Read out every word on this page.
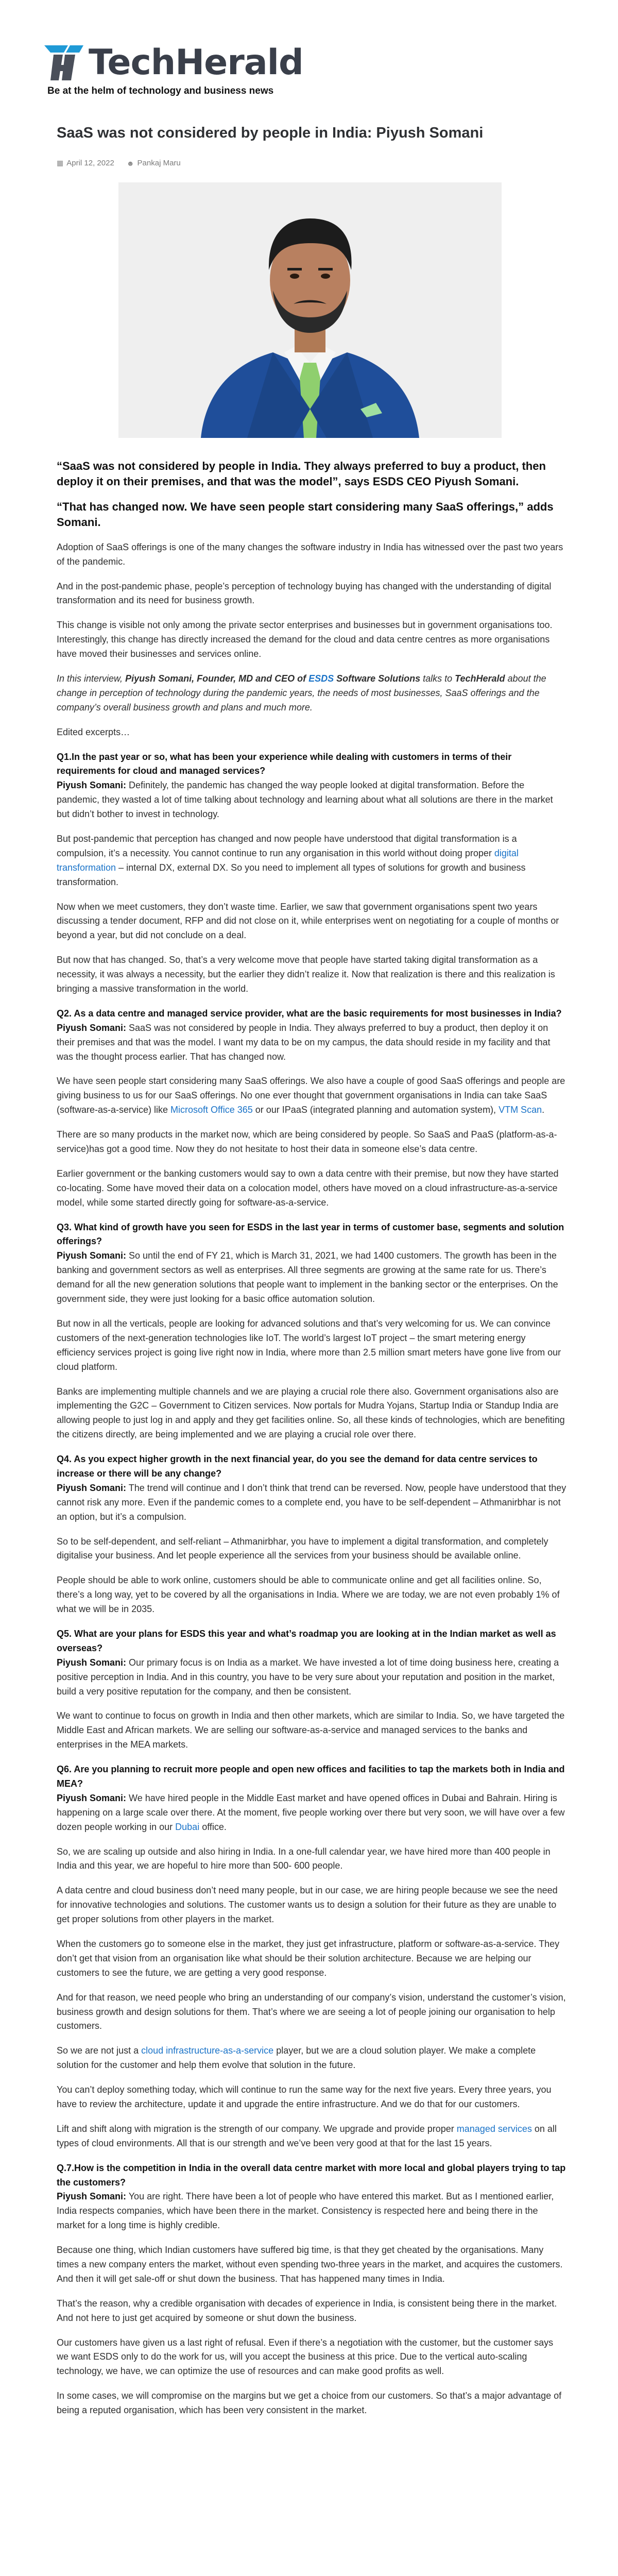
TechHerald
Be at the helm of technology and business news
SaaS was not considered by people in India: Piyush Somani
▦ April 12, 2022 ☻ Pankaj Maru

“SaaS was not considered by people in India. They always preferred to buy a product, then deploy it on their premises, and that was the model”, says ESDS CEO Piyush Somani.

“That has changed now. We have seen people start considering many SaaS offerings,” adds Somani.

Adoption of SaaS offerings is one of the many changes the software industry in India has witnessed over the past two years of the pandemic.

And in the post-pandemic phase, people’s perception of technology buying has changed with the understanding of digital transformation and its need for business growth.

This change is visible not only among the private sector enterprises and businesses but in government organisations too. Interestingly, this change has directly increased the demand for the cloud and data centre centres as more organisations have moved their businesses and services online.

In this interview, Piyush Somani, Founder, MD and CEO of ESDS Software Solutions talks to TechHerald about the change in perception of technology during the pandemic years, the needs of most businesses, SaaS offerings and the company’s overall business growth and plans and much more.

Edited excerpts…

Q1.In the past year or so, what has been your experience while dealing with customers in terms of their requirements for cloud and managed services?
Piyush Somani: Definitely, the pandemic has changed the way people looked at digital transformation. Before the pandemic, they wasted a lot of time talking about technology and learning about what all solutions are there in the market but didn’t bother to invest in technology.

But post-pandemic that perception has changed and now people have understood that digital transformation is a compulsion, it’s a necessity. You cannot continue to run any organisation in this world without doing proper digital transformation – internal DX, external DX. So you need to implement all types of solutions for growth and business transformation.

Now when we meet customers, they don’t waste time. Earlier, we saw that government organisations spent two years discussing a tender document, RFP and did not close on it, while enterprises went on negotiating for a couple of months or beyond a year, but did not conclude on a deal.

But now that has changed. So, that’s a very welcome move that people have started taking digital transformation as a necessity, it was always a necessity, but the earlier they didn’t realize it. Now that realization is there and this realization is bringing a massive transformation in the world.

Q2. As a data centre and managed service provider, what are the basic requirements for most businesses in India?
Piyush Somani: SaaS was not considered by people in India. They always preferred to buy a product, then deploy it on their premises and that was the model. I want my data to be on my campus, the data should reside in my facility and that was the thought process earlier. That has changed now.

We have seen people start considering many SaaS offerings. We also have a couple of good SaaS offerings and people are giving business to us for our SaaS offerings. No one ever thought that government organisations in India can take SaaS (software-as-a-service) like Microsoft Office 365 or our IPaaS (integrated planning and automation system), VTM Scan.

There are so many products in the market now, which are being considered by people. So SaaS and PaaS (platform-as-a-service)has got a good time. Now they do not hesitate to host their data in someone else’s data centre.

Earlier government or the banking customers would say to own a data centre with their premise, but now they have started co-locating. Some have moved their data on a colocation model, others have moved on a cloud infrastructure-as-a-service model, while some started directly going for software-as-a-service.

Q3. What kind of growth have you seen for ESDS in the last year in terms of customer base, segments and solution offerings?
Piyush Somani: So until the end of FY 21, which is March 31, 2021, we had 1400 customers. The growth has been in the banking and government sectors as well as enterprises. All three segments are growing at the same rate for us. There’s demand for all the new generation solutions that people want to implement in the banking sector or the enterprises. On the government side, they were just looking for a basic office automation solution.

But now in all the verticals, people are looking for advanced solutions and that’s very welcoming for us. We can convince customers of the next-generation technologies like IoT. The world’s largest IoT project – the smart metering energy efficiency services project is going live right now in India, where more than 2.5 million smart meters have gone live from our cloud platform.

Banks are implementing multiple channels and we are playing a crucial role there also. Government organisations also are implementing the G2C – Government to Citizen services. Now portals for Mudra Yojans, Startup India or Standup India are allowing people to just log in and apply and they get facilities online. So, all these kinds of technologies, which are benefiting the citizens directly, are being implemented and we are playing a crucial role over there.

Q4. As you expect higher growth in the next financial year, do you see the demand for data centre services to increase or there will be any change?
Piyush Somani: The trend will continue and I don’t think that trend can be reversed. Now, people have understood that they cannot risk any more. Even if the pandemic comes to a complete end, you have to be self-dependent – Athmanirbhar is not an option, but it’s a compulsion.

So to be self-dependent, and self-reliant – Athmanirbhar, you have to implement a digital transformation, and completely digitalise your business. And let people experience all the services from your business should be available online.

People should be able to work online, customers should be able to communicate online and get all facilities online. So, there’s a long way, yet to be covered by all the organisations in India. Where we are today, we are not even probably 1% of what we will be in 2035.

Q5. What are your plans for ESDS this year and what’s roadmap you are looking at in the Indian market as well as overseas?
Piyush Somani: Our primary focus is on India as a market. We have invested a lot of time doing business here, creating a positive perception in India. And in this country, you have to be very sure about your reputation and position in the market, build a very positive reputation for the company, and then be consistent.

We want to continue to focus on growth in India and then other markets, which are similar to India. So, we have targeted the Middle East and African markets. We are selling our software-as-a-service and managed services to the banks and enterprises in the MEA markets.

Q6. Are you planning to recruit more people and open new offices and facilities to tap the markets both in India and MEA?
Piyush Somani: We have hired people in the Middle East market and have opened offices in Dubai and Bahrain. Hiring is happening on a large scale over there. At the moment, five people working over there but very soon, we will have over a few dozen people working in our Dubai office.

So, we are scaling up outside and also hiring in India. In a one-full calendar year, we have hired more than 400 people in India and this year, we are hopeful to hire more than 500- 600 people.

A data centre and cloud business don’t need many people, but in our case, we are hiring people because we see the need for innovative technologies and solutions. The customer wants us to design a solution for their future as they are unable to get proper solutions from other players in the market.

When the customers go to someone else in the market, they just get infrastructure, platform or software-as-a-service. They don’t get that vision from an organisation like what should be their solution architecture. Because we are helping our customers to see the future, we are getting a very good response.

And for that reason, we need people who bring an understanding of our company’s vision, understand the customer’s vision, business growth and design solutions for them. That’s where we are seeing a lot of people joining our organisation to help customers.

So we are not just a cloud infrastructure-as-a-service player, but we are a cloud solution player. We make a complete solution for the customer and help them evolve that solution in the future.

You can’t deploy something today, which will continue to run the same way for the next five years. Every three years, you have to review the architecture, update it and upgrade the entire infrastructure. And we do that for our customers.

Lift and shift along with migration is the strength of our company. We upgrade and provide proper managed services on all types of cloud environments. All that is our strength and we’ve been very good at that for the last 15 years.

Q.7.How is the competition in India in the overall data centre market with more local and global players trying to tap the customers?
Piyush Somani: You are right. There have been a lot of people who have entered this market. But as I mentioned earlier, India respects companies, which have been there in the market. Consistency is respected here and being there in the market for a long time is highly credible.

Because one thing, which Indian customers have suffered big time, is that they get cheated by the organisations. Many times a new company enters the market, without even spending two-three years in the market, and acquires the customers. And then it will get sale-off or shut down the business. That has happened many times in India.

That’s the reason, why a credible organisation with decades of experience in India, is consistent being there in the market. And not here to just get acquired by someone or shut down the business.

Our customers have given us a last right of refusal. Even if there’s a negotiation with the customer, but the customer says we want ESDS only to do the work for us, will you accept the business at this price. Due to the vertical auto-scaling technology, we have, we can optimize the use of resources and can make good profits as well.

In some cases, we will compromise on the margins but we get a choice from our customers. So that’s a major advantage of being a reputed organisation, which has been very consistent in the market.
